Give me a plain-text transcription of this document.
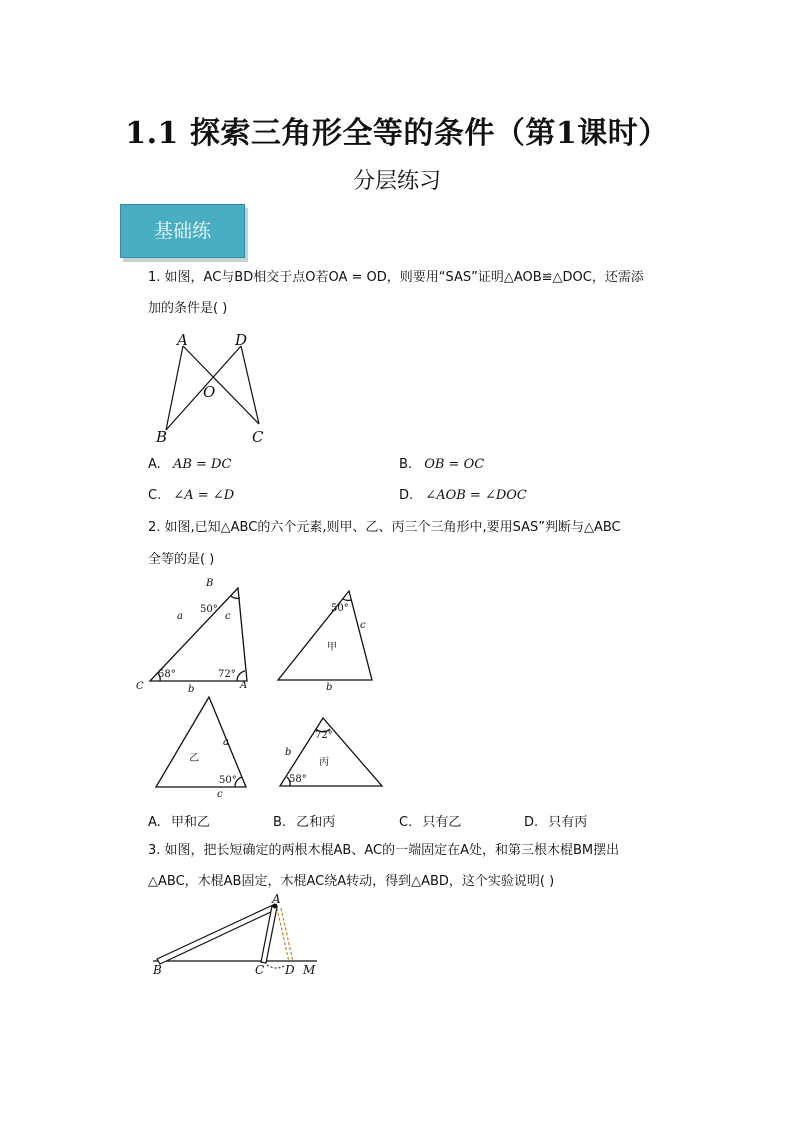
1.1 探索三角形全等的条件（第1课时）
分层练习
基础练
1. 如图，AC与BD相交于点O若OA = OD，则要用“SAS”证明△AOB≌△DOC，还需添
加的条件是( )
A	D
O
B	C
A. AB = DC	B. OB = OC
C. ∠A = ∠D	D. ∠AOB = ∠DOC
2. 如图,已知△ABC的六个元素,则甲、乙、丙三个三角形中,要用SAS”判断与△ABC
全等的是( )
B
C	A
a	c
b
50°
58°	72°
50°
c
b
甲
a
50°
c
乙
72°
58°
b
丙
A. 甲和乙	B. 乙和丙	C. 只有乙	D. 只有丙
3. 如图，把长短确定的两根木棍AB、AC的一端固定在A处，和第三根木棍BM摆出
△ABC，木棍AB固定，木棍AC绕A转动，得到△ABD，这个实验说明( )
A
B	C D M
